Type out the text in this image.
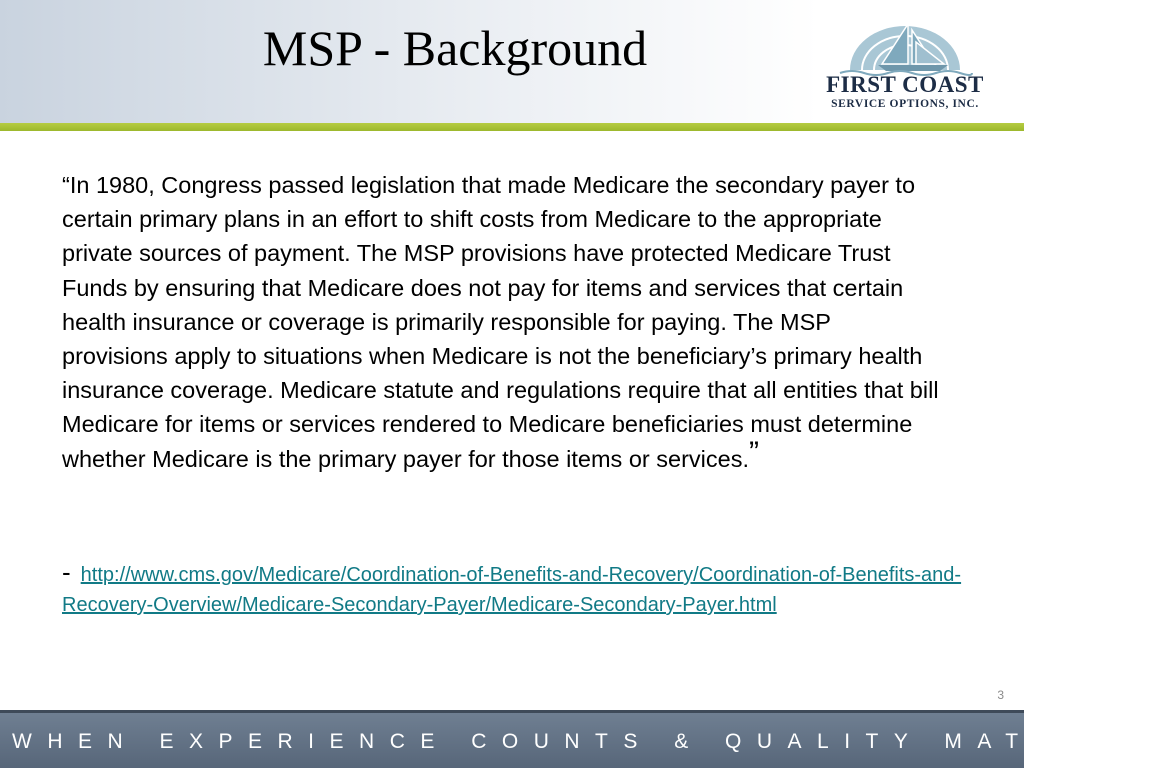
MSP - Background
FIRST COAST
SERVICE OPTIONS, INC.
“In 1980, Congress passed legislation that made Medicare the secondary payer to certain primary plans in an effort to shift costs from Medicare to the appropriate private sources of payment. The MSP provisions have protected Medicare Trust Funds by ensuring that Medicare does not pay for items and services that certain health insurance or coverage is primarily responsible for paying. The MSP provisions apply to situations when Medicare is not the beneficiary’s primary health insurance coverage. Medicare statute and regulations require that all entities that bill Medicare for items or services rendered to Medicare beneficiaries must determine whether Medicare is the primary payer for those items or services.”
- http://www.cms.gov/Medicare/Coordination-of-Benefits-and-Recovery/Coordination-of-Benefits-and-Recovery-Overview/Medicare-Secondary-Payer/Medicare-Secondary-Payer.html
3
WHEN EXPERIENCE COUNTS & QUALITY MATTERS
